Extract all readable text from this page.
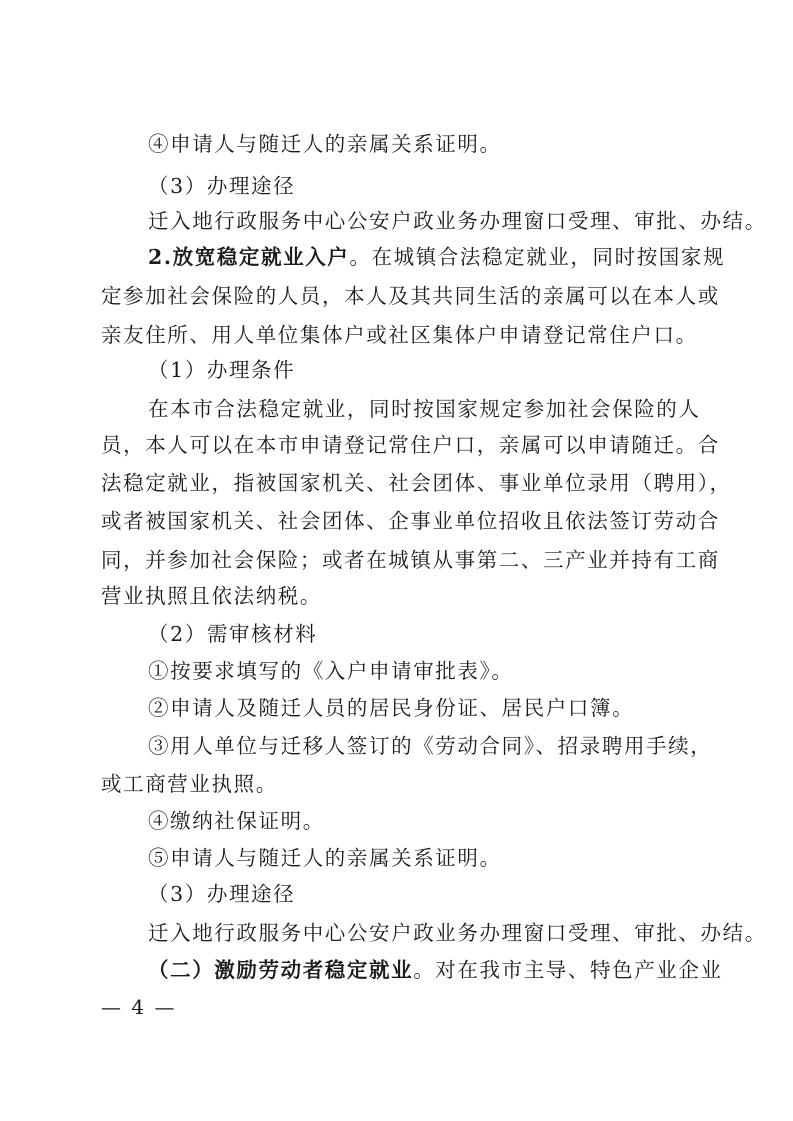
④申请人与随迁人的亲属关系证明。
（3）办理途径
迁入地行政服务中心公安户政业务办理窗口受理、审批、办结。
2.放宽稳定就业入户。在城镇合法稳定就业，同时按国家规
定参加社会保险的人员，本人及其共同生活的亲属可以在本人或
亲友住所、用人单位集体户或社区集体户申请登记常住户口。
（1）办理条件
在本市合法稳定就业，同时按国家规定参加社会保险的人
员，本人可以在本市申请登记常住户口，亲属可以申请随迁。合
法稳定就业，指被国家机关、社会团体、事业单位录用（聘用），
或者被国家机关、社会团体、企事业单位招收且依法签订劳动合
同，并参加社会保险；或者在城镇从事第二、三产业并持有工商
营业执照且依法纳税。
（2）需审核材料
①按要求填写的《入户申请审批表》。
②申请人及随迁人员的居民身份证、居民户口簿。
③用人单位与迁移人签订的《劳动合同》、招录聘用手续，
或工商营业执照。
④缴纳社保证明。
⑤申请人与随迁人的亲属关系证明。
（3）办理途径
迁入地行政服务中心公安户政业务办理窗口受理、审批、办结。
（二）激励劳动者稳定就业。对在我市主导、特色产业企业
— 4 —
